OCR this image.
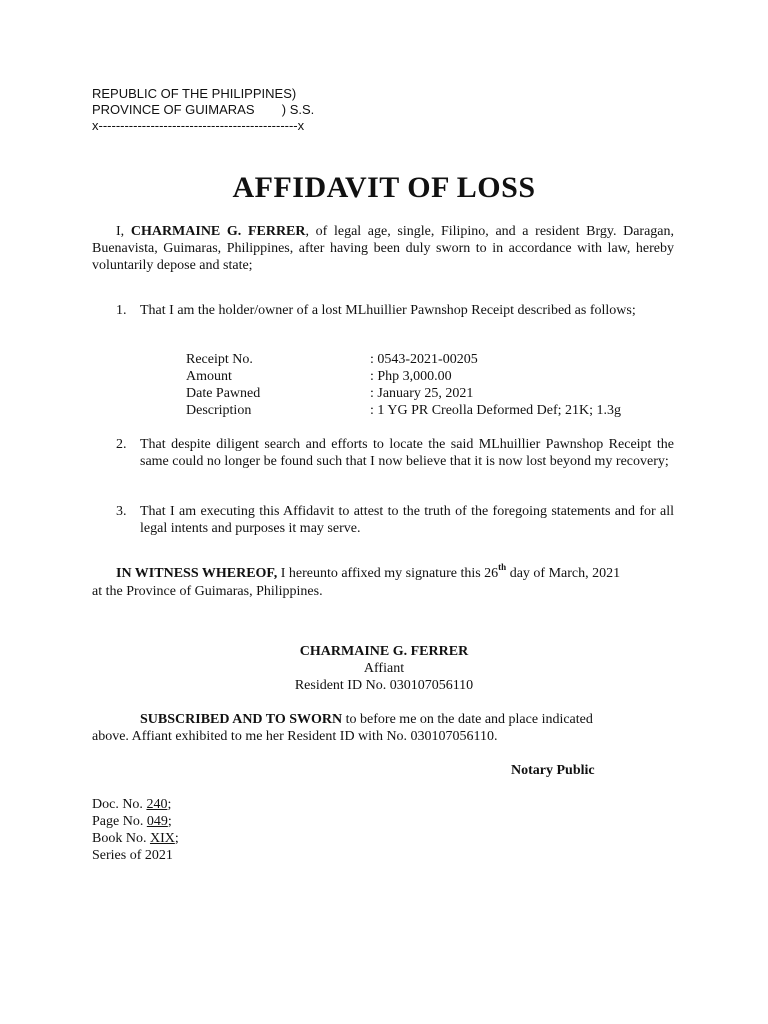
REPUBLIC OF THE PHILIPPINES)
PROVINCE OF GUIMARAS ) S.S.
x----------------------------------------------x
AFFIDAVIT OF LOSS
I, CHARMAINE G. FERRER, of legal age, single, Filipino, and a resident Brgy. Daragan, Buenavista, Guimaras, Philippines, after having been duly sworn to in accordance with law, hereby voluntarily depose and state;
1. That I am the holder/owner of a lost MLhuillier Pawnshop Receipt described as follows;
Receipt No.	: 0543-2021-00205
Amount	: Php 3,000.00
Date Pawned	: January 25, 2021
Description	: 1 YG PR Creolla Deformed Def; 21K; 1.3g
2. That despite diligent search and efforts to locate the said MLhuillier Pawnshop Receipt the same could no longer be found such that I now believe that it is now lost beyond my recovery;
3. That I am executing this Affidavit to attest to the truth of the foregoing statements and for all legal intents and purposes it may serve.
IN WITNESS WHEREOF, I hereunto affixed my signature this 26th day of March, 2021
at the Province of Guimaras, Philippines.
CHARMAINE G. FERRER
Affiant
Resident ID No. 030107056110
SUBSCRIBED AND TO SWORN to before me on the date and place indicated
above. Affiant exhibited to me her Resident ID with No. 030107056110.
Notary Public
Doc. No. 240;
Page No. 049;
Book No. XIX;
Series of 2021
